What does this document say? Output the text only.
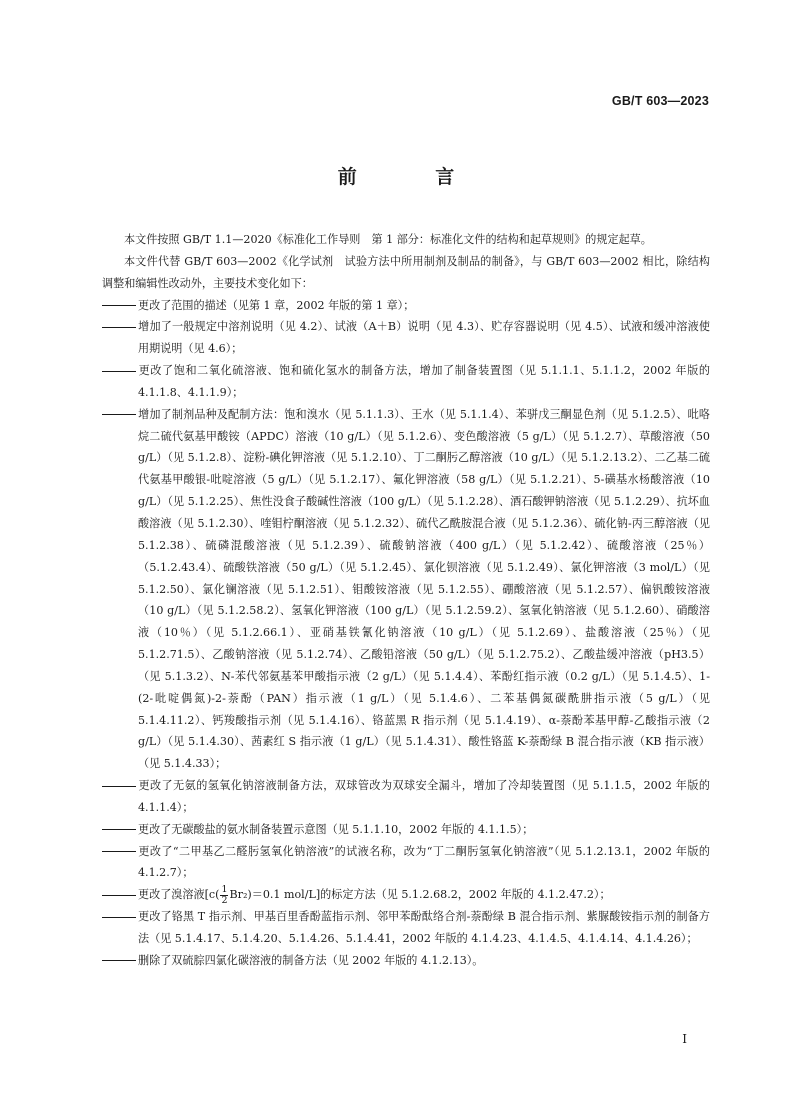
GB/T 603—2023
前 言

本文件按照 GB/T 1.1—2020《标准化工作导则　第 1 部分：标准化文件的结构和起草规则》的规定起草。

本文件代替 GB/T 603—2002《化学试剂　试验方法中所用制剂及制品的制备》，与 GB/T 603—2002 相比，除结构调整和编辑性改动外，主要技术变化如下：

更改了范围的描述（见第 1 章，2002 年版的第 1 章）；

增加了一般规定中溶剂说明（见 4.2）、试液（A＋B）说明（见 4.3）、贮存容器说明（见 4.5）、试液和缓冲溶液使用期说明（见 4.6）；

更改了饱和二氧化硫溶液、饱和硫化氢水的制备方法，增加了制备装置图（见 5.1.1.1、5.1.1.2，2002 年版的 4.1.1.8、4.1.1.9）；

增加了制剂品种及配制方法：饱和溴水（见 5.1.1.3）、王水（见 5.1.1.4）、苯骈戊三酮显色剂（见 5.1.2.5）、吡咯烷二硫代氨基甲酸铵（APDC）溶液（10 g/L）（见 5.1.2.6）、变色酸溶液（5 g/L）（见 5.1.2.7）、草酸溶液（50 g/L）（见 5.1.2.8）、淀粉-碘化钾溶液（见 5.1.2.10）、丁二酮肟乙醇溶液（10 g/L）（见 5.1.2.13.2）、二乙基二硫代氨基甲酸银-吡啶溶液（5 g/L）（见 5.1.2.17）、氟化钾溶液（58 g/L）（见 5.1.2.21）、5-磺基水杨酸溶液（10 g/L）（见 5.1.2.25）、焦性没食子酸碱性溶液（100 g/L）（见 5.1.2.28）、酒石酸钾钠溶液（见 5.1.2.29）、抗坏血酸溶液（见 5.1.2.30）、喹钼柠酮溶液（见 5.1.2.32）、硫代乙酰胺混合液（见 5.1.2.36）、硫化钠-丙三醇溶液（见 5.1.2.38）、硫磷混酸溶液（见 5.1.2.39）、硫酸钠溶液（400 g/L）（见 5.1.2.42）、硫酸溶液（25％）（5.1.2.43.4）、硫酸铁溶液（50 g/L）（见 5.1.2.45）、氯化钡溶液（见 5.1.2.49）、氯化钾溶液（3 mol/L）（见 5.1.2.50）、氯化镧溶液（见 5.1.2.51）、钼酸铵溶液（见 5.1.2.55）、硼酸溶液（见 5.1.2.57）、偏钒酸铵溶液（10 g/L）（见 5.1.2.58.2）、氢氧化钾溶液（100 g/L）（见 5.1.2.59.2）、氢氧化钠溶液（见 5.1.2.60）、硝酸溶液（10％）（见 5.1.2.66.1）、亚硝基铁氰化钠溶液（10 g/L）（见 5.1.2.69）、盐酸溶液（25％）（见 5.1.2.71.5）、乙酸钠溶液（见 5.1.2.74）、乙酸铅溶液（50 g/L）（见 5.1.2.75.2）、乙酸盐缓冲溶液（pH3.5）（见 5.1.3.2）、N-苯代邻氨基苯甲酸指示液（2 g/L）（见 5.1.4.4）、苯酚红指示液（0.2 g/L）（见 5.1.4.5）、1-(2-吡啶偶氮)-2-萘酚（PAN）指示液（1 g/L）（见 5.1.4.6）、二苯基偶氮碳酰肼指示液（5 g/L）（见 5.1.4.11.2）、钙羧酸指示剂（见 5.1.4.16）、铬蓝黑 R 指示剂（见 5.1.4.19）、α-萘酚苯基甲醇-乙酸指示液（2 g/L）（见 5.1.4.30）、茜素红 S 指示液（1 g/L）（见 5.1.4.31）、酸性铬蓝 K-萘酚绿 B 混合指示液（KB 指示液）（见 5.1.4.33）；

更改了无氨的氢氧化钠溶液制备方法，双球管改为双球安全漏斗，增加了冷却装置图（见 5.1.1.5，2002 年版的 4.1.1.4）；

更改了无碳酸盐的氨水制备装置示意图（见 5.1.1.10，2002 年版的 4.1.1.5）；

更改了“二甲基乙二醛肟氢氧化钠溶液”的试液名称，改为“丁二酮肟氢氧化钠溶液”（见 5.1.2.13.1，2002 年版的 4.1.2.7）；

更改了溴溶液[$c( \frac{1}{2} Br_2)=0.1$ mol/L]的标定方法（见 5.1.2.68.2，2002 年版的 4.1.2.47.2）；

更改了铬黑 T 指示剂、甲基百里香酚蓝指示剂、邻甲苯酚酞络合剂-萘酚绿 B 混合指示剂、紫脲酸铵指示剂的制备方法（见 5.1.4.17、5.1.4.20、5.1.4.26、5.1.4.41，2002 年版的 4.1.4.23、4.1.4.5、4.1.4.14、4.1.4.26）；

删除了双硫腙四氯化碳溶液的制备方法（见 2002 年版的 4.1.2.13）。

I
